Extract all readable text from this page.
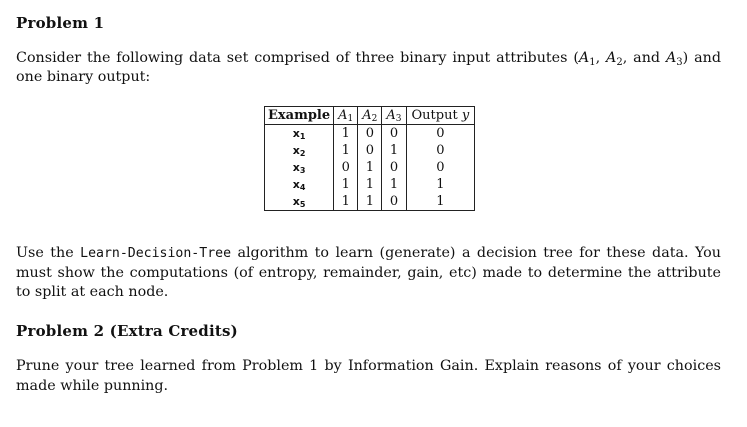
Problem 1

Consider the following data set comprised of three binary input attributes ($A_1$, $A_2$, and $A_3$) and one binary output:

Example	$A_1$	$A_2$	$A_3$	Output y
$x_1$	1	0	0	0
$x_2$	1	0	1	0
$x_3$	0	1	0	0
$x_4$	1	1	1	1
$x_5$	1	1	0	1

Use the Learn-Decision-Tree algorithm to learn (generate) a decision tree for these data. You must show the computations (of entropy, remainder, gain, etc) made to determine the attribute to split at each node.

Problem 2 (Extra Credits)

Prune your tree learned from Problem 1 by Information Gain. Explain reasons of your choices made while punning.
